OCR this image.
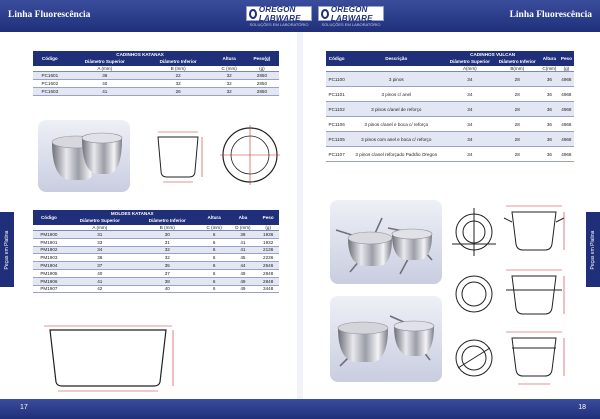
Linha Fluorescência
OREGON LABWARE
SOLUÇÕES EM LABORATÓRIO
OREGON LABWARE
SOLUÇÕES EM LABORATÓRIO
Linha Fluorescência
Peças em Platina	Peças em Platina
17	18
Código	CADINHOS KATANAX		Altura	Peso(g)
	Diâmetro Superior	Diâmetro Inferior		
	A (mm)	B (mm)	C (mm)	(g)
PC1601	36	22	32	2850
PC1602	40	32	32	2850
PC1603	41	26	32	2850
Código	MOLDES KATANAX		Altura	Aba	Peso
	Diâmetro Superior	Diâmetro Inferior			
	A (mm)	B (mm)	C (mm)	D (mm)	(g)
PM1900	31	30	6	39	1936
PM1901	33	31	6	41	1932
PM1902	34	32	6	41	2136
PM1903	36	32	6	45	2236
PM1904	37	35	6	44	2546
PM1905	40	37	6	49	2848
PM1906	41	38	6	49	2848
PM1907	42	40	6	49	3448
Código	Descrição	CADINHOS VULCAN		Altura	Peso
		Diâmetro Superior	Diâmetro Inferior		
		A(mm)	B(mm)	C(mm)	(g)
PC1100	3 pinos	34	28	36	4968
PC1101	3 pinos c/ anel	34	28	36	4968
PC1102	3 pinos c/anel de reforço	34	28	36	4968
PC1106	3 pinos c/anel e boca c/ reforço	34	28	36	4968
PC1105	3 pinos com anel e boca c/ reforço	34	28	36	4968
PC1107	3 pinos c/anel reforçado Padrão Oregon	34	28	36	4968
